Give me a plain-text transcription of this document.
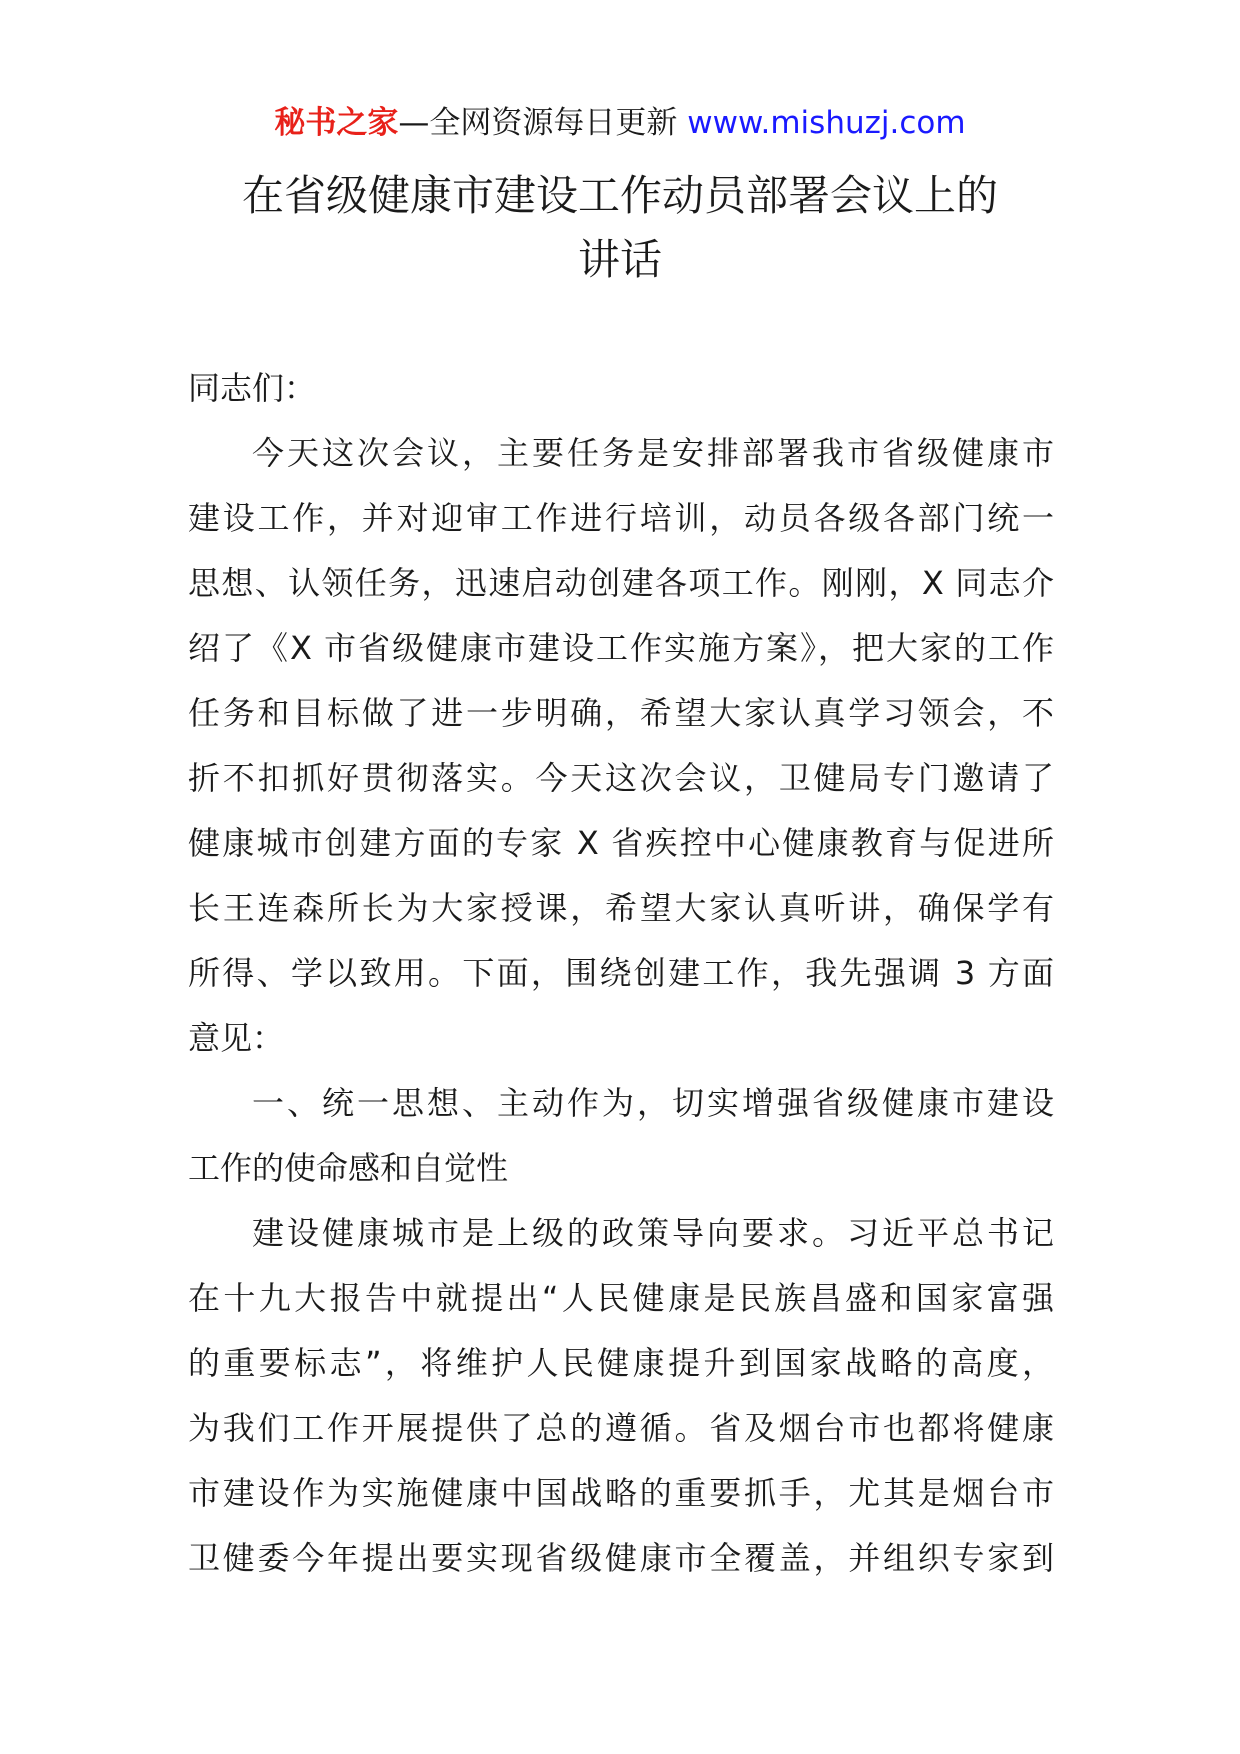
秘书之家—全网资源每日更新 www.mishuzj.com
在省级健康市建设工作动员部署会议上的
讲话
同志们：
今天这次会议，主要任务是安排部署我市省级健康市
建设工作，并对迎审工作进行培训，动员各级各部门统一
思想、认领任务，迅速启动创建各项工作。刚刚，X 同志介
绍了《X 市省级健康市建设工作实施方案》，把大家的工作
任务和目标做了进一步明确，希望大家认真学习领会，不
折不扣抓好贯彻落实。今天这次会议，卫健局专门邀请了
健康城市创建方面的专家 X 省疾控中心健康教育与促进所
长王连森所长为大家授课，希望大家认真听讲，确保学有
所得、学以致用。下面，围绕创建工作，我先强调 3 方面
意见：
一、统一思想、主动作为，切实增强省级健康市建设
工作的使命感和自觉性
建设健康城市是上级的政策导向要求。习近平总书记
在十九大报告中就提出“人民健康是民族昌盛和国家富强
的重要标志”，将维护人民健康提升到国家战略的高度，
为我们工作开展提供了总的遵循。省及烟台市也都将健康
市建设作为实施健康中国战略的重要抓手，尤其是烟台市
卫健委今年提出要实现省级健康市全覆盖，并组织专家到
